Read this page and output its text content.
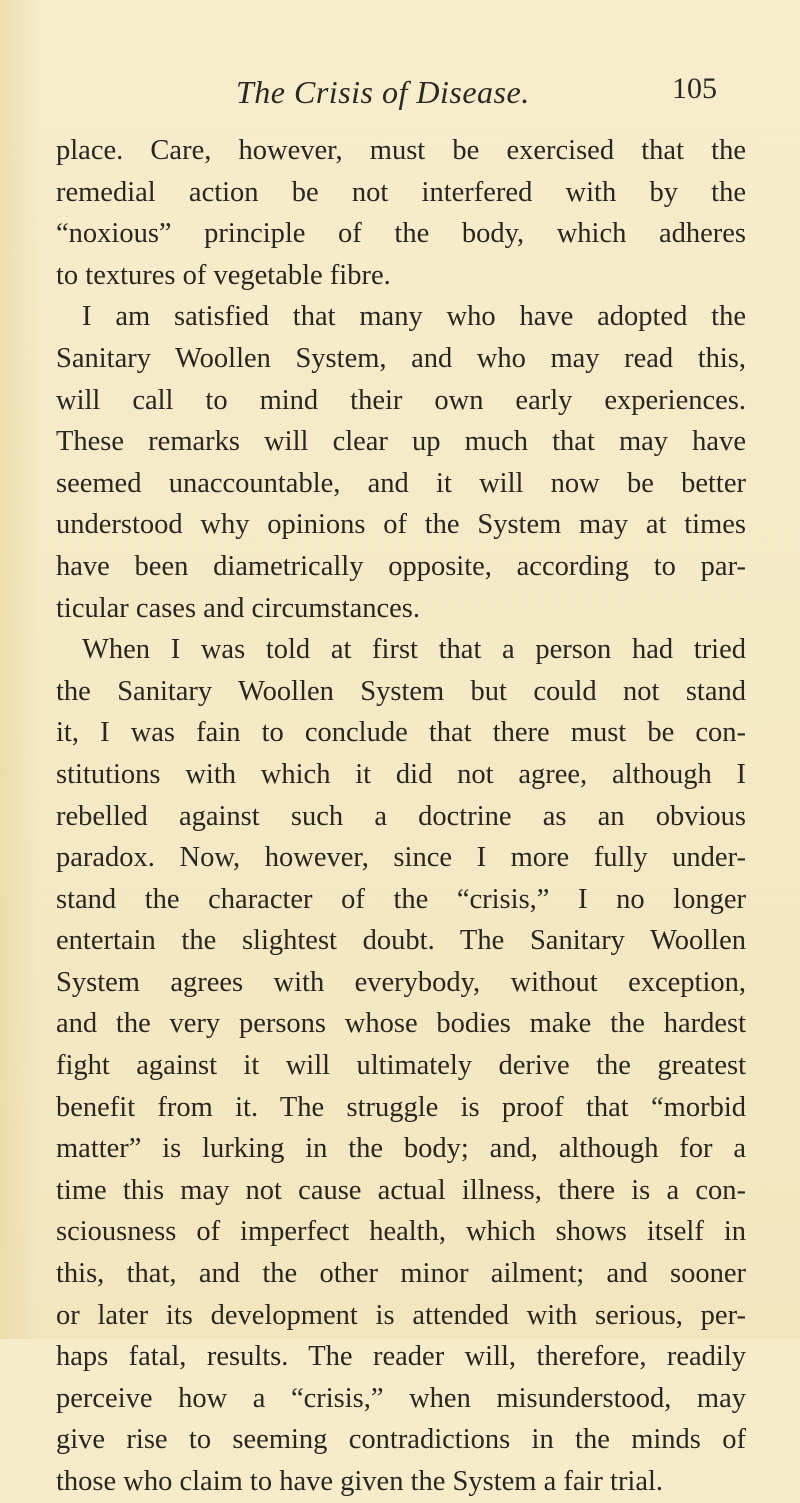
The Crisis of Disease.	105
place. Care, however, must be exercised that the
remedial action be not interfered with by the
“noxious” principle of the body, which adheres
to textures of vegetable fibre.
I am satisfied that many who have adopted the
Sanitary Woollen System, and who may read this,
will call to mind their own early experiences.
These remarks will clear up much that may have
seemed unaccountable, and it will now be better
understood why opinions of the System may at times
have been diametrically opposite, according to par-
ticular cases and circumstances.
When I was told at first that a person had tried
the Sanitary Woollen System but could not stand
it, I was fain to conclude that there must be con-
stitutions with which it did not agree, although I
rebelled against such a doctrine as an obvious
paradox. Now, however, since I more fully under-
stand the character of the “crisis,” I no longer
entertain the slightest doubt. The Sanitary Woollen
System agrees with everybody, without exception,
and the very persons whose bodies make the hardest
fight against it will ultimately derive the greatest
benefit from it. The struggle is proof that “morbid
matter” is lurking in the body; and, although for a
time this may not cause actual illness, there is a con-
sciousness of imperfect health, which shows itself in
this, that, and the other minor ailment; and sooner
or later its development is attended with serious, per-
haps fatal, results. The reader will, therefore, readily
perceive how a “crisis,” when misunderstood, may
give rise to seeming contradictions in the minds of
those who claim to have given the System a fair trial.
